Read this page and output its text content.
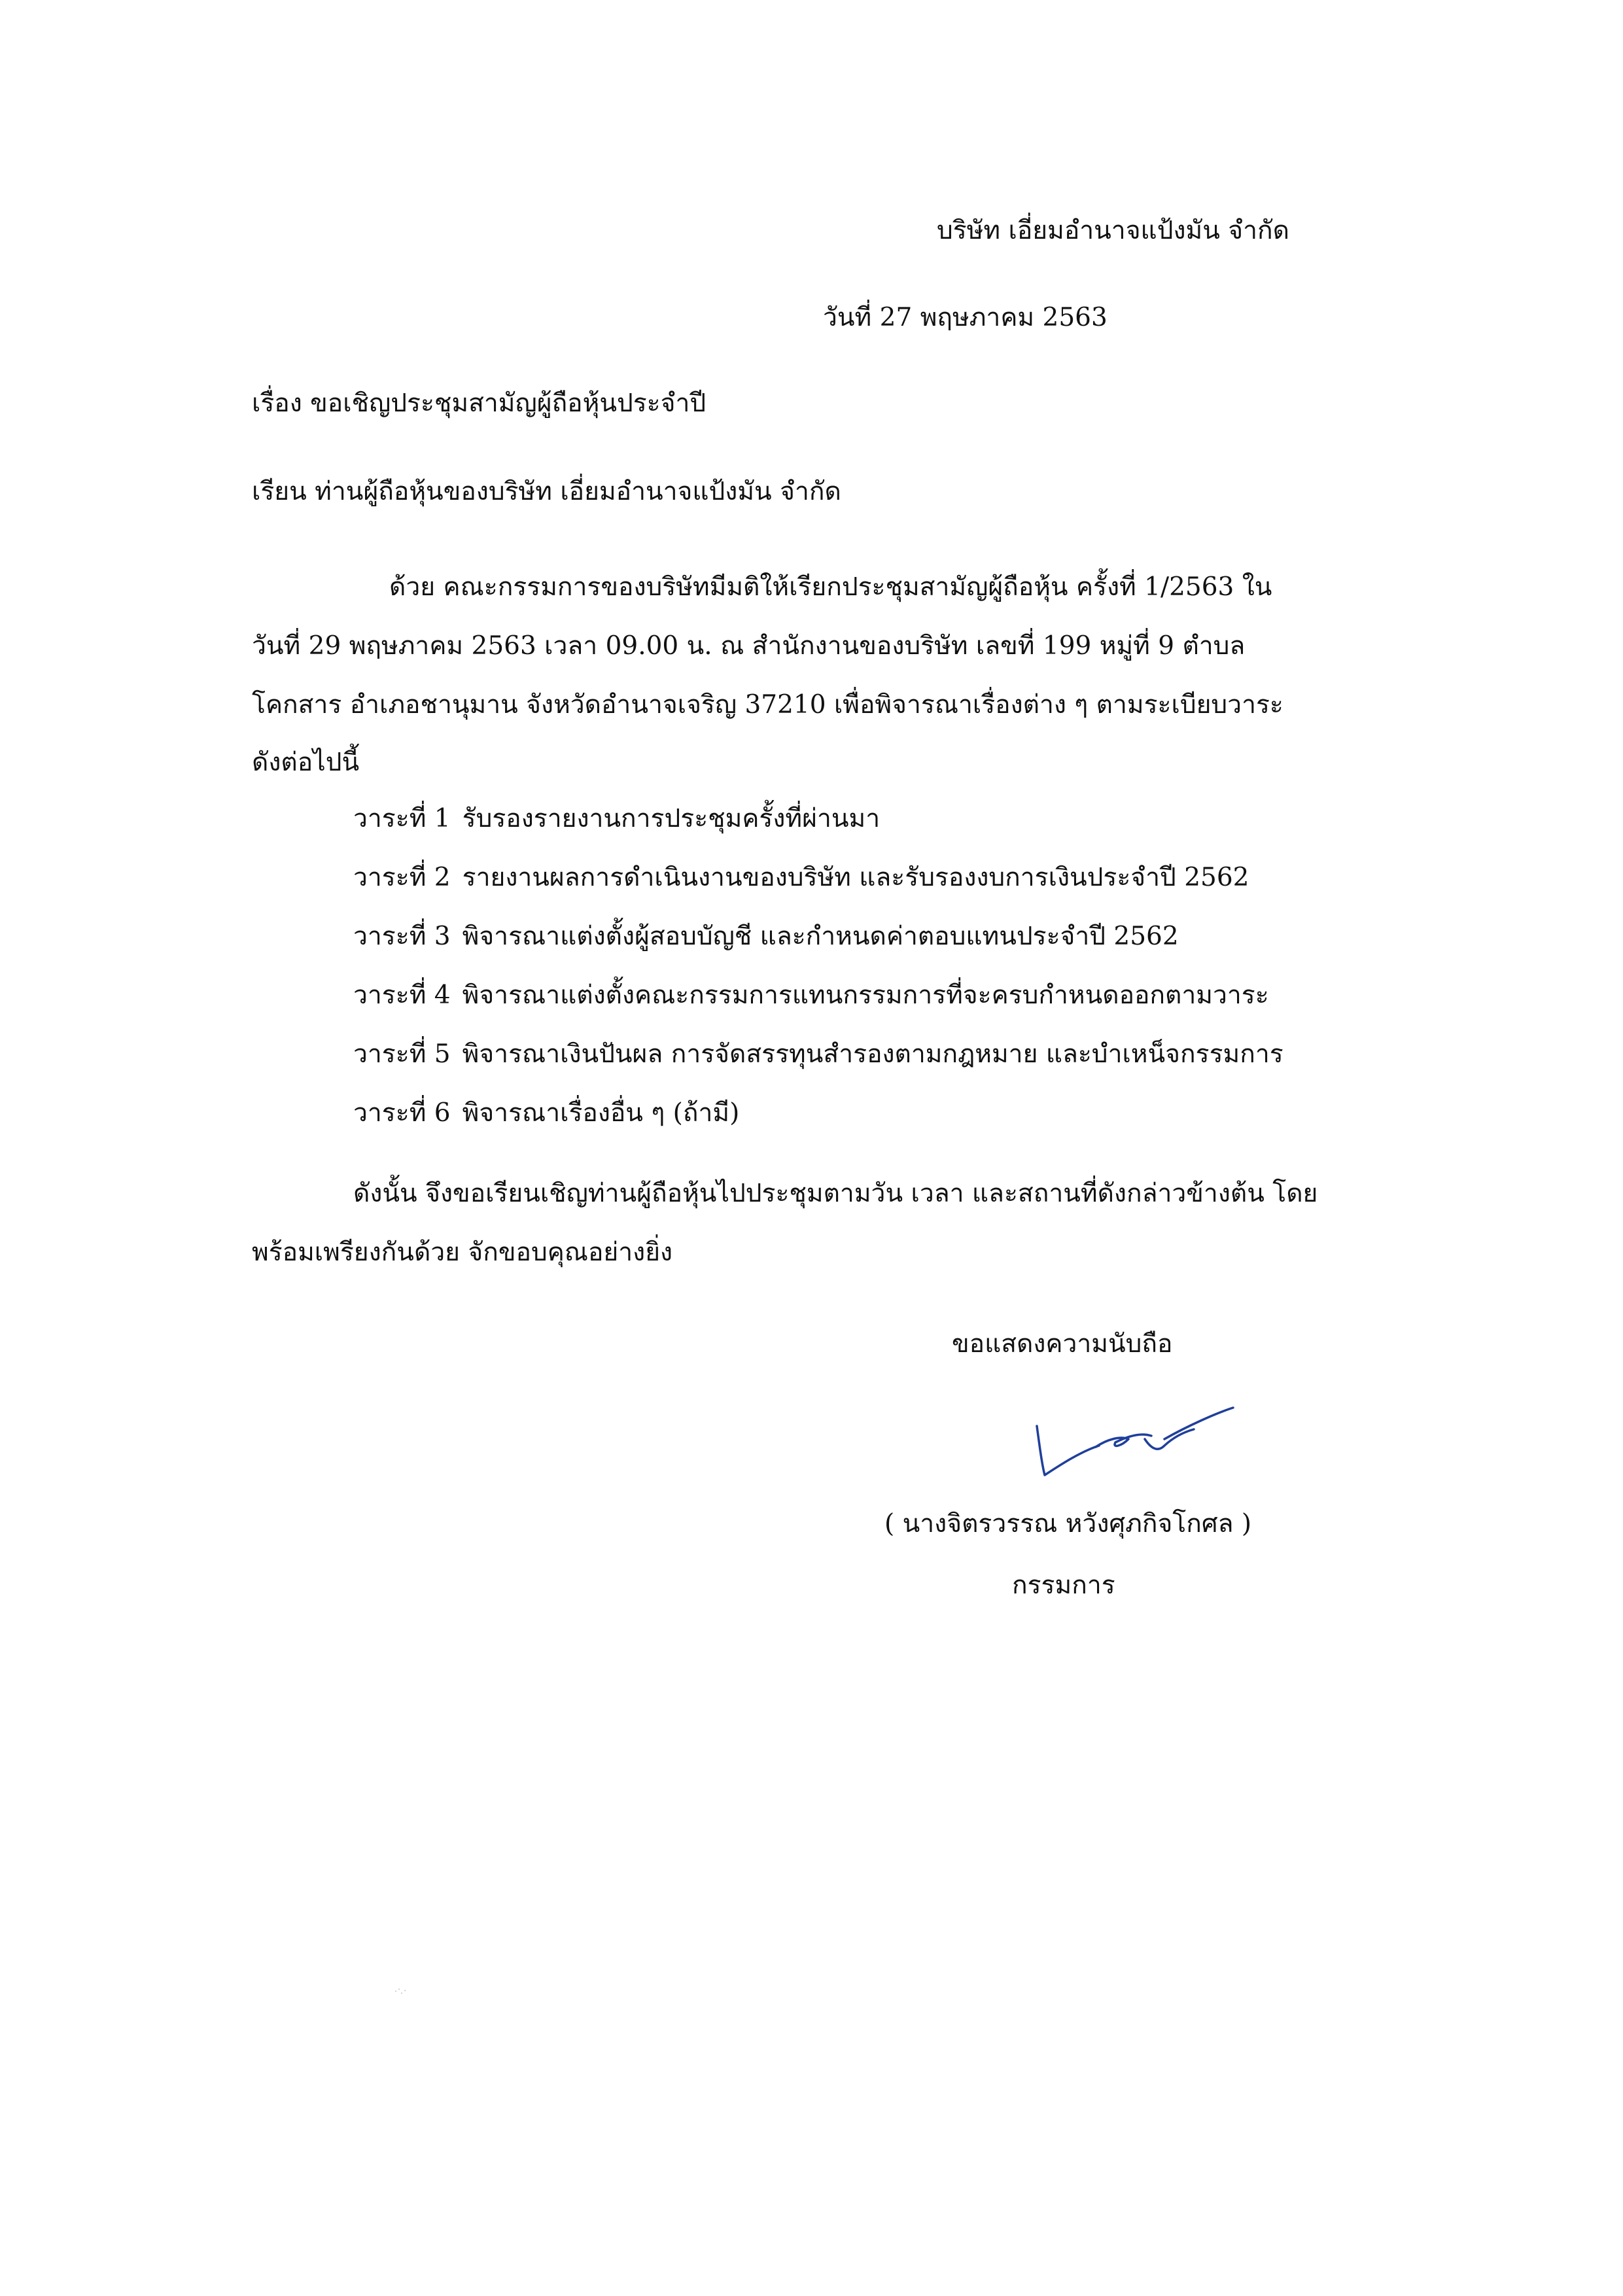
บริษัท เอี่ยมอำนาจแป้งมัน จำกัด
วันที่ 27 พฤษภาคม 2563
เรื่อง ขอเชิญประชุมสามัญผู้ถือหุ้นประจำปี
เรียน ท่านผู้ถือหุ้นของบริษัท เอี่ยมอำนาจแป้งมัน จำกัด
ด้วย คณะกรรมการของบริษัทมีมติให้เรียกประชุมสามัญผู้ถือหุ้น ครั้งที่ 1/2563 ใน
วันที่ 29 พฤษภาคม 2563 เวลา 09.00 น. ณ สำนักงานของบริษัท เลขที่ 199 หมู่ที่ 9 ตำบล
โคกสาร อำเภอชานุมาน จังหวัดอำนาจเจริญ 37210 เพื่อพิจารณาเรื่องต่าง ๆ ตามระเบียบวาระ
ดังต่อไปนี้
วาระที่ 1 รับรองรายงานการประชุมครั้งที่ผ่านมา
วาระที่ 2 รายงานผลการดำเนินงานของบริษัท และรับรองงบการเงินประจำปี 2562
วาระที่ 3 พิจารณาแต่งตั้งผู้สอบบัญชี และกำหนดค่าตอบแทนประจำปี 2562
วาระที่ 4 พิจารณาแต่งตั้งคณะกรรมการแทนกรรมการที่จะครบกำหนดออกตามวาระ
วาระที่ 5 พิจารณาเงินปันผล การจัดสรรทุนสำรองตามกฎหมาย และบำเหน็จกรรมการ
วาระที่ 6 พิจารณาเรื่องอื่น ๆ (ถ้ามี)
ดังนั้น จึงขอเรียนเชิญท่านผู้ถือหุ้นไปประชุมตามวัน เวลา และสถานที่ดังกล่าวข้างต้น โดย
พร้อมเพรียงกันด้วย จักขอบคุณอย่างยิ่ง
ขอแสดงความนับถือ
( นางจิตรวรรณ หวังศุภกิจโกศล )
กรรมการ
